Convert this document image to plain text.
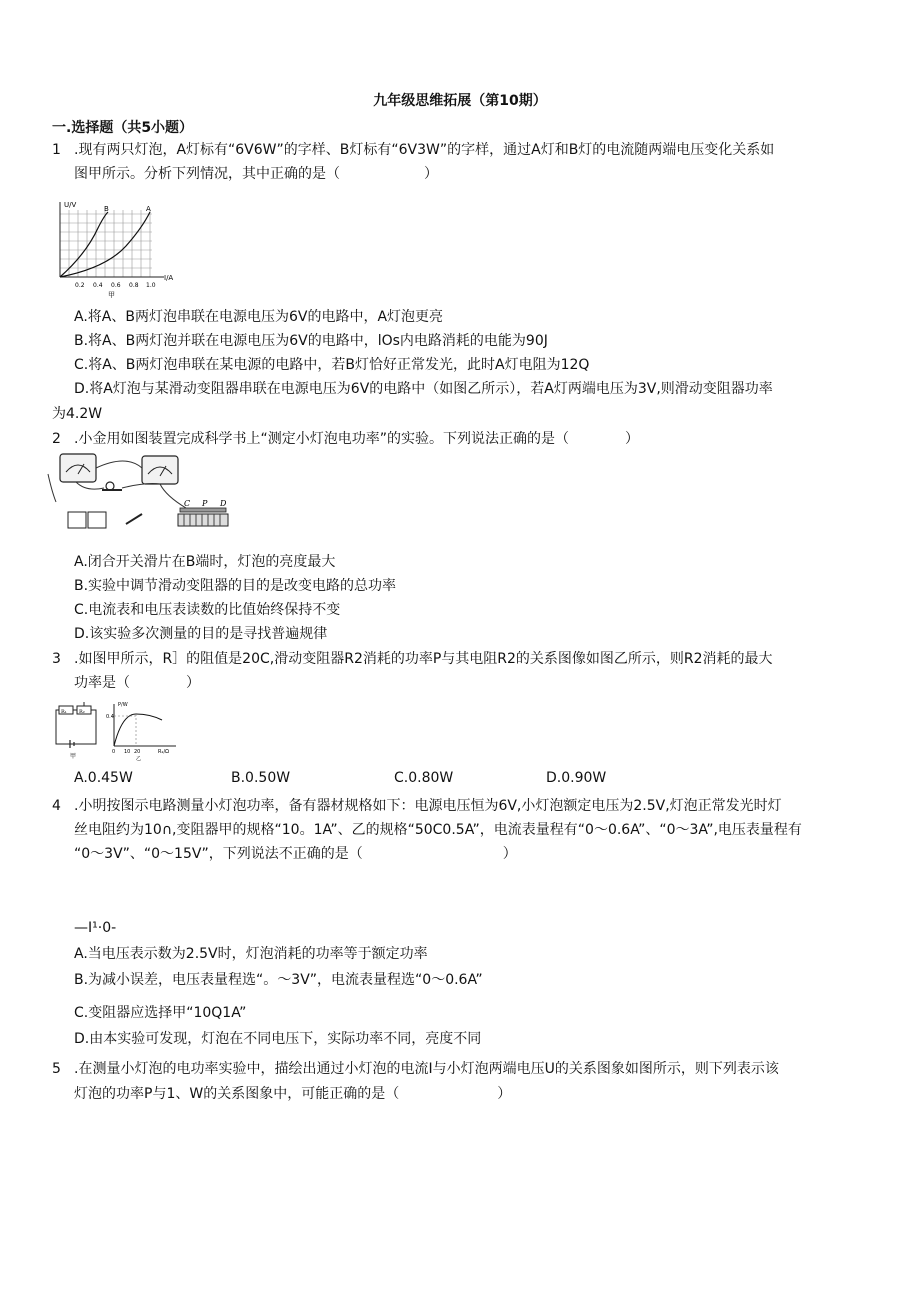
九年级思维拓展（第10期）
一.选择题（共5小题）
1 .现有两只灯泡，A灯标有“6V6W”的字样、B灯标有“6V3W”的字样，通过A灯和B灯的电流随两端电压变化关系如
图甲所示。分析下列情况，其中正确的是（　　　　　　）
U/V
I/A
B	A
0.2 0.4 0.6 0.8 1.0
甲
A.将A、B两灯泡串联在电源电压为6V的电路中，A灯泡更亮
B.将A、B两灯泡并联在电源电压为6V的电路中，lOs内电路消耗的电能为90J
C.将A、B两灯泡串联在某电源的电路中，若B灯恰好正常发光，此时A灯电阻为12Q
D.将A灯泡与某滑动变阻器串联在电源电压为6V的电路中（如图乙所示），若A灯两端电压为3V,则滑动变阻器功率
为4.2W
2 .小金用如图装置完成科学书上“测定小灯泡电功率”的实验。下列说法正确的是（　　　　）
C P D
A.闭合开关滑片在B端时，灯泡的亮度最大
B.实验中调节滑动变阻器的目的是改变电路的总功率
C.电流表和电压表读数的比值始终保持不变
D.该实验多次测量的目的是寻找普遍规律
3 .如图甲所示，R］的阻值是20C,滑动变阻器R2消耗的功率P与其电阻R2的关系图像如图乙所示，则R2消耗的最大
功率是（　　　　）
R₁ R₂
甲
P/W
0.4
0 10 20	R₂/Ω
乙
A.0.45W	B.0.50W	C.0.80W	D.0.90W
4 .小明按图示电路测量小灯泡功率，备有器材规格如下：电源电压恒为6V,小灯泡额定电压为2.5V,灯泡正常发光时灯
丝电阻约为10∩,变阻器甲的规格“10。1A”、乙的规格“50C0.5A”，电流表量程有“0～0.6A”、“0～3A”,电压表量程有
“0～3V”、“0～15V”，下列说法不正确的是（　　　　　　　　　　）
—I¹·0-
A.当电压表示数为2.5V时，灯泡消耗的功率等于额定功率
B.为减小误差，电压表量程选“。～3V”，电流表量程选“0～0.6A”
C.变阻器应选择甲“10Q1A”
D.由本实验可发现，灯泡在不同电压下，实际功率不同，亮度不同
5 .在测量小灯泡的电功率实验中，描绘出通过小灯泡的电流I与小灯泡两端电压U的关系图象如图所示，则下列表示该
灯泡的功率P与1、W的关系图象中，可能正确的是（　　　　　　　）
